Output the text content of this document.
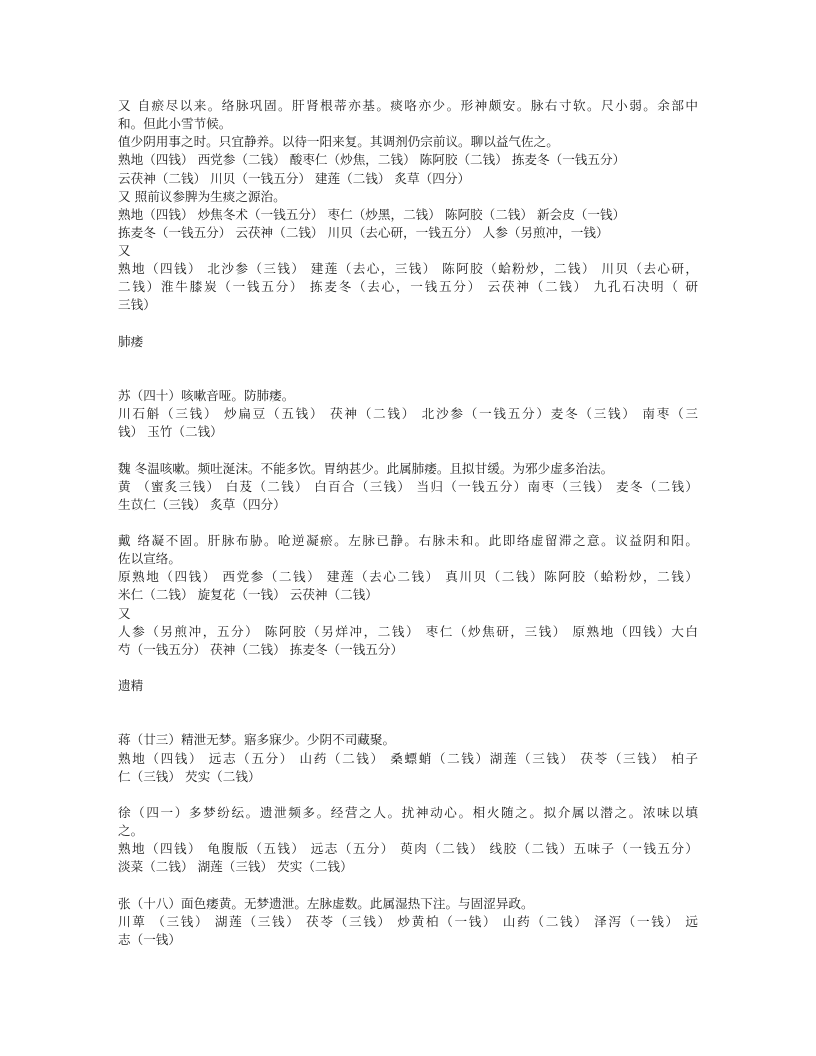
又 自瘀尽以来。络脉巩固。肝肾根蒂亦基。痰咯亦少。形神颇安。脉右寸软。尺小弱。余部中
和。但此小雪节候。
值少阴用事之时。只宜静养。以待一阳来复。其调剂仍宗前议。聊以益气佐之。
熟地（四钱） 西党参（二钱） 酸枣仁（炒焦，二钱） 陈阿胶（二钱） 拣麦冬（一钱五分）
云茯神（二钱） 川贝（一钱五分） 建莲（二钱） 炙草（四分）
又 照前议参脾为生痰之源治。
熟地（四钱） 炒焦冬术（一钱五分） 枣仁（炒黑，二钱） 陈阿胶（二钱） 新会皮（一钱）
拣麦冬（一钱五分） 云茯神（二钱） 川贝（去心研，一钱五分） 人参（另煎冲，一钱）
又
熟地（四钱） 北沙参（三钱） 建莲（去心，三钱） 陈阿胶（蛤粉炒，二钱） 川贝（去心研，
二钱）淮牛膝炭（一钱五分） 拣麦冬（去心，一钱五分） 云茯神（二钱） 九孔石决明（ 研
三钱）
肺痿
苏（四十）咳嗽音哑。防肺痿。
川石斛（三钱） 炒扁豆（五钱） 茯神（二钱） 北沙参（一钱五分）麦冬（三钱） 南枣（三
钱） 玉竹（二钱）
魏 冬温咳嗽。频吐涎沫。不能多饮。胃纳甚少。此属肺痿。且拟甘缓。为邪少虚多治法。
黄 （蜜炙三钱） 白芨（二钱） 白百合（三钱） 当归（一钱五分）南枣（三钱） 麦冬（二钱）
生苡仁（三钱） 炙草（四分）
戴 络凝不固。肝脉布胁。呛逆凝瘀。左脉已静。右脉未和。此即络虚留滞之意。议益阴和阳。
佐以宣络。
原熟地（四钱） 西党参（二钱） 建莲（去心二钱） 真川贝（二钱）陈阿胶（蛤粉炒，二钱）
米仁（二钱） 旋复花（一钱） 云茯神（二钱）
又
人参（另煎冲，五分） 陈阿胶（另烊冲，二钱） 枣仁（炒焦研，三钱） 原熟地（四钱）大白
芍（一钱五分） 茯神（二钱） 拣麦冬（一钱五分）
遗精
蒋（廿三）精泄无梦。寤多寐少。少阴不司藏聚。
熟地（四钱） 远志（五分） 山药（二钱） 桑螵蛸（二钱）湖莲（三钱） 茯苓（三钱） 柏子
仁（三钱） 芡实（二钱）
徐（四一）多梦纷纭。遗泄频多。经营之人。扰神动心。相火随之。拟介属以潜之。浓味以填
之。
熟地（四钱） 龟腹版（五钱） 远志（五分） 萸肉（二钱） 线胶（二钱）五味子（一钱五分）
淡菜（二钱） 湖莲（三钱） 芡实（二钱）
张（十八）面色痿黄。无梦遗泄。左脉虚数。此属湿热下注。与固涩异政。
川萆 （三钱） 湖莲（三钱） 茯苓（三钱） 炒黄柏（一钱） 山药（二钱） 泽泻（一钱） 远
志（一钱）
